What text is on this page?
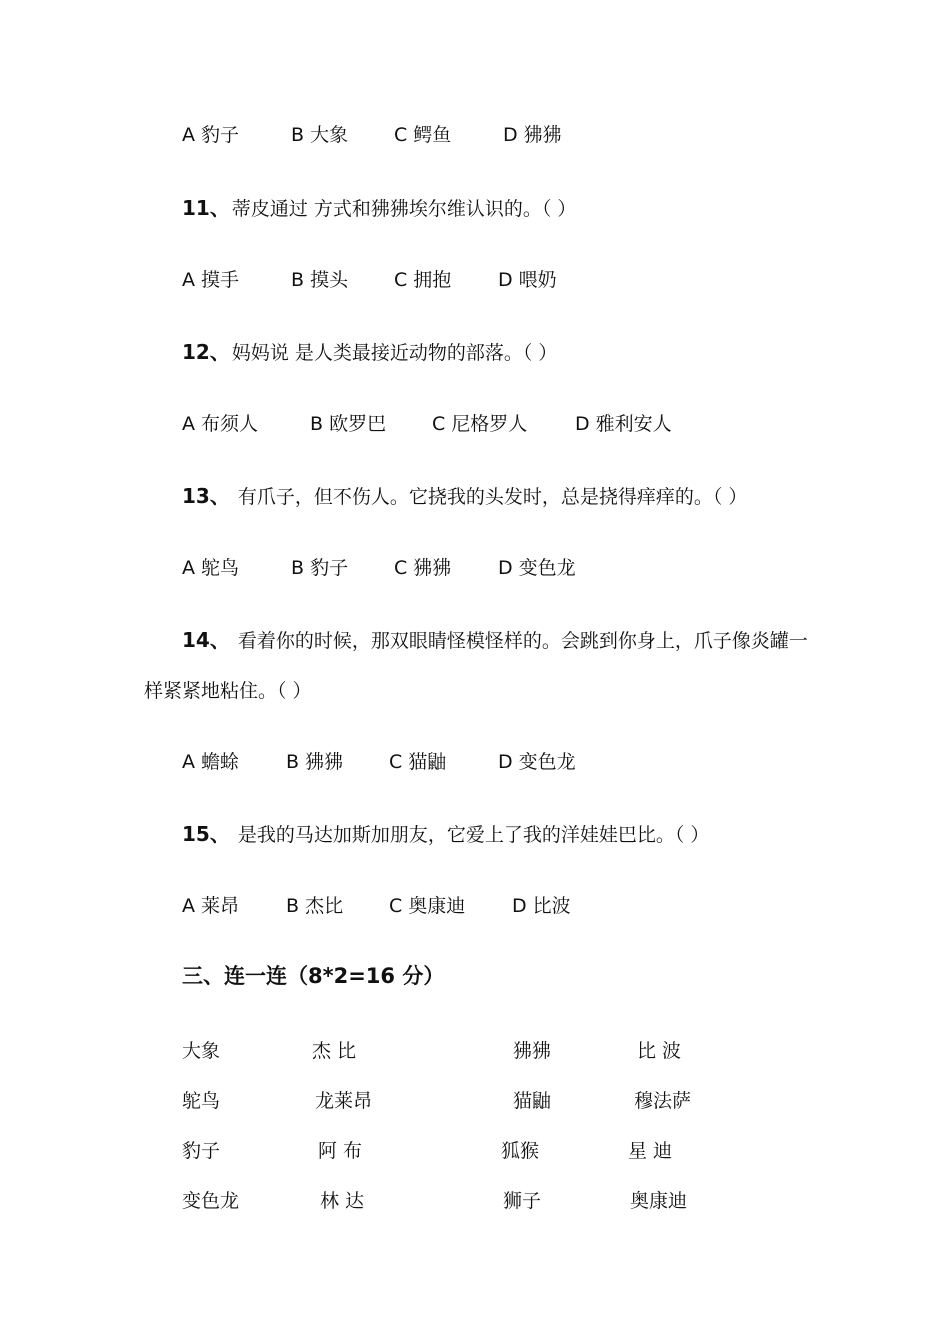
A 豹子	B 大象 C 鳄鱼	D 狒狒
11、 蒂皮通过 方式和狒狒埃尔维认识的。（ ）
A 摸手	B 摸头 C 拥抱 D 喂奶
12、 妈妈说 是人类最接近动物的部落。（ ）
A 布须人	B 欧罗巴 C 尼格罗人	D 雅利安人
13、 有爪子，但不伤人。它挠我的头发时，总是挠得痒痒的。（ ）
A 鸵鸟	B 豹子 C 狒狒 D 变色龙
14、 看着你的时候，那双眼睛怪模怪样的。会跳到你身上，爪子像炎罐一
样紧紧地粘住。（ ）
A 蟾蜍 B 狒狒 C 猫鼬	D 变色龙
15、 是我的马达加斯加朋友，它爱上了我的洋娃娃巴比。（ ）
A 莱昂 B 杰比 C 奥康迪 D 比波
三、连一连（8*2=16 分）
大象	杰 比	狒狒	比 波
鸵鸟	龙莱昂	猫鼬	穆法萨
豹子	阿 布	狐猴	星 迪
变色龙	林 达	狮子	奥康迪
